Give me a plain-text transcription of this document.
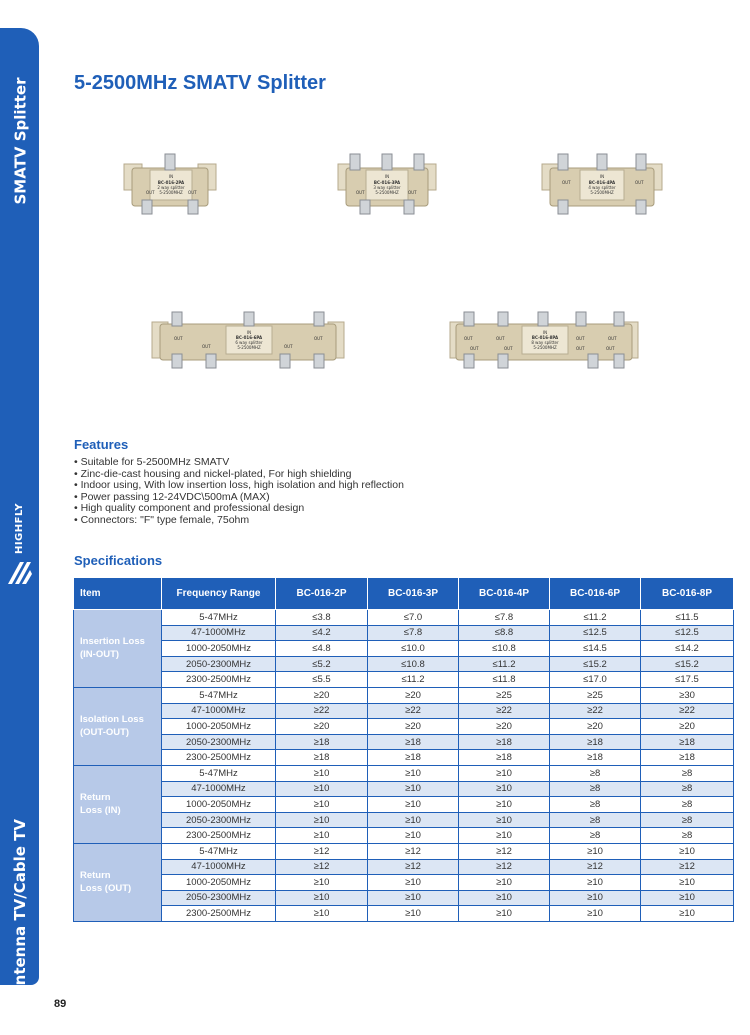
SMATV Splitter
HIGHFLY
Antenna TV/Cable TV
5-2500MHz SMATV Splitter
IN
BC-016-2PA
2 way splitter
5-2500MHZ
OUT	OUT
IN
BC-016-3PA
3 way splitter
5-2500MHZ
OUT	OUT
IN
BC-016-4PA
4 way splitter
5-2500MHZ
OUT	OUT
IN
BC-016-6PA
6 way splitter
5-2500MHZ
OUT
OUT	OUT
OUT
IN
BC-016-8PA
8 way splitter
5-2500MHZ
OUT	OUT	OUT	OUT
OUT	OUT	OUT	OUT
Features
• Suitable for 5-2500MHz SMATV
• Zinc-die-cast housing and nickel-plated, For high shielding
• Indoor using, With low insertion loss, high isolation and high reflection
• Power passing 12-24VDC\500mA (MAX)
• High quality component and professional design
• Connectors: "F" type female, 75ohm
Specifications
Item	Frequency Range	BC-016-2P	BC-016-3P	BC-016-4P	BC-016-6P	BC-016-8P

Insertion Loss
(IN-OUT)	5-47MHz	≤3.8	≤7.0	≤7.8	≤11.2	≤11.5
	47-1000MHz	≤4.2	≤7.8	≤8.8	≤12.5	≤12.5
	1000-2050MHz	≤4.8	≤10.0	≤10.8	≤14.5	≤14.2
	2050-2300MHz	≤5.2	≤10.8	≤11.2	≤15.2	≤15.2
	2300-2500MHz	≤5.5	≤11.2	≤11.8	≤17.0	≤17.5

Isolation Loss
(OUT-OUT)	5-47MHz	≥20	≥20	≥25	≥25	≥30
	47-1000MHz	≥22	≥22	≥22	≥22	≥22
	1000-2050MHz	≥20	≥20	≥20	≥20	≥20
	2050-2300MHz	≥18	≥18	≥18	≥18	≥18
	2300-2500MHz	≥18	≥18	≥18	≥18	≥18

Return
Loss (IN)	5-47MHz	≥10	≥10	≥10	≥8	≥8
	47-1000MHz	≥10	≥10	≥10	≥8	≥8
	1000-2050MHz	≥10	≥10	≥10	≥8	≥8
	2050-2300MHz	≥10	≥10	≥10	≥8	≥8
	2300-2500MHz	≥10	≥10	≥10	≥8	≥8

Return
Loss (OUT)	5-47MHz	≥12	≥12	≥12	≥10	≥10
	47-1000MHz	≥12	≥12	≥12	≥12	≥12
	1000-2050MHz	≥10	≥10	≥10	≥10	≥10
	2050-2300MHz	≥10	≥10	≥10	≥10	≥10
	2300-2500MHz	≥10	≥10	≥10	≥10	≥10
89
